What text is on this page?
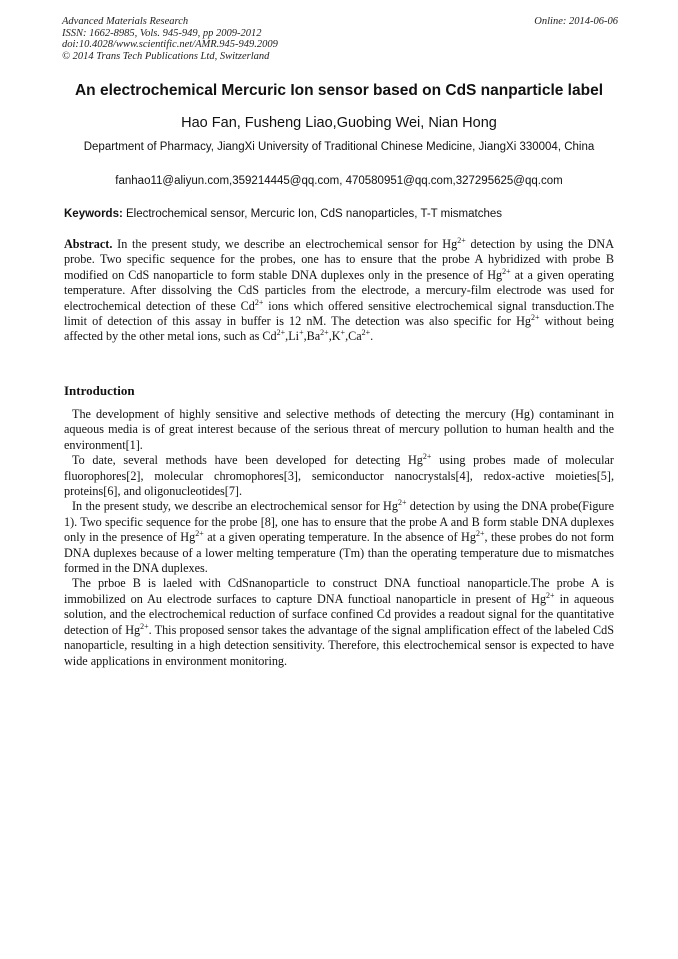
Advanced Materials Research
ISSN: 1662-8985, Vols. 945-949, pp 2009-2012
doi:10.4028/www.scientific.net/AMR.945-949.2009
© 2014 Trans Tech Publications Ltd, Switzerland
Online: 2014-06-06
An electrochemical Mercuric Ion sensor based on CdS nanparticle label
Hao Fan, Fusheng Liao,Guobing Wei, Nian Hong
Department of Pharmacy, JiangXi University of Traditional Chinese Medicine, JiangXi 330004, China
fanhao11@aliyun.com,359214445@qq.com, 470580951@qq.com,327295625@qq.com
Keywords: Electrochemical sensor, Mercuric Ion, CdS nanoparticles, T-T mismatches
Abstract. In the present study, we describe an electrochemical sensor for $Hg^{2+}$ detection by using the DNA probe. Two specific sequence for the probes, one has to ensure that the probe A hybridized with probe B modified on CdS nanoparticle to form stable DNA duplexes only in the presence of $Hg^{2+}$ at a given operating temperature. After dissolving the CdS particles from the electrode, a mercury-film electrode was used for electrochemical detection of these $Cd^{2+}$ ions which offered sensitive electrochemical signal transduction.The limit of detection of this assay in buffer is 12 nM. The detection was also specific for $Hg^{2+}$ without being affected by the other metal ions, such as $Cd^{2+},Li^+,Ba^{2+},K^+,Ca^{2+}$.
Introduction

The development of highly sensitive and selective methods of detecting the mercury (Hg) contaminant in aqueous media is of great interest because of the serious threat of mercury pollution to human health and the environment[1].

To date, several methods have been developed for detecting $Hg^{2+}$ using probes made of molecular fluorophores[2], molecular chromophores[3], semiconductor nanocrystals[4], redox-active moieties[5], proteins[6], and oligonucleotides[7].

In the present study, we describe an electrochemical sensor for $Hg^{2+}$ detection by using the DNA probe(Figure 1). Two specific sequence for the probe [8], one has to ensure that the probe A and B form stable DNA duplexes only in the presence of $Hg^{2+}$ at a given operating temperature. In the absence of $Hg^{2+}$, these probes do not form DNA duplexes because of a lower melting temperature (Tm) than the operating temperature due to mismatches formed in the DNA duplexes.

The prboe B is laeled with CdSnanoparticle to construct DNA functioal nanoparticle.The probe A is immobilized on Au electrode surfaces to capture DNA functioal nanoparticle in present of $Hg^{2+}$ in aqueous solution, and the electrochemical reduction of surface confined Cd provides a readout signal for the quantitative detection of $Hg^{2+}$. This proposed sensor takes the advantage of the signal amplification effect of the labeled CdS nanoparticle, resulting in a high detection sensitivity. Therefore, this electrochemical sensor is expected to have wide applications in environment monitoring.
